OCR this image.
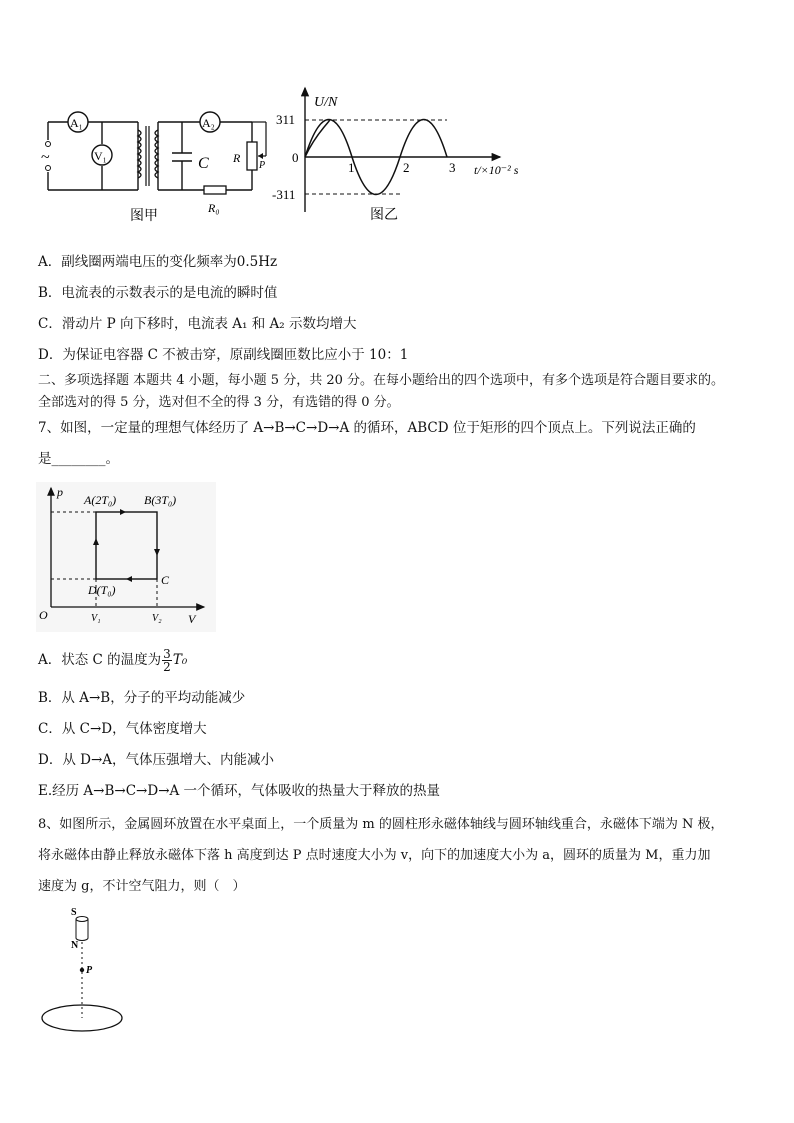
~
A₁
V₁
A₂
C R
P
R₀
图甲
U/N
311
0
-311
1	2	3 t/×10⁻² s
图乙
A．副线圈两端电压的变化频率为0.5Hz
B．电流表的示数表示的是电流的瞬时值
C．滑动片 P 向下移时，电流表 A₁ 和 A₂ 示数均增大
D．为保证电容器 C 不被击穿，原副线圈匝数比应小于 10：1
二、多项选择题 本题共 4 小题，每小题 5 分，共 20 分。在每小题给出的四个选项中，有多个选项是符合题目要求的。
全部选对的得 5 分，选对但不全的得 3 分，有选错的得 0 分。
7、如图，一定量的理想气体经历了 A→B→C→D→A 的循环，ABCD 位于矩形的四个顶点上。下列说法正确的
是________。
p
V
O
A(2T₀) B(3T₀)
C
D(T₀)
V₁	V₂
A．状态 C 的温度为 $\frac{3}{2} T_0$
B．从 A→B，分子的平均动能减少
C．从 C→D，气体密度增大
D．从 D→A，气体压强增大、内能减小
E.经历 A→B→C→D→A 一个循环，气体吸收的热量大于释放的热量
8、如图所示，金属圆环放置在水平桌面上，一个质量为 m 的圆柱形永磁体轴线与圆环轴线重合，永磁体下端为 N 极，
将永磁体由静止释放永磁体下落 h 高度到达 P 点时速度大小为 v，向下的加速度大小为 a，圆环的质量为 M，重力加
速度为 g，不计空气阻力，则（　）
S
N
P
